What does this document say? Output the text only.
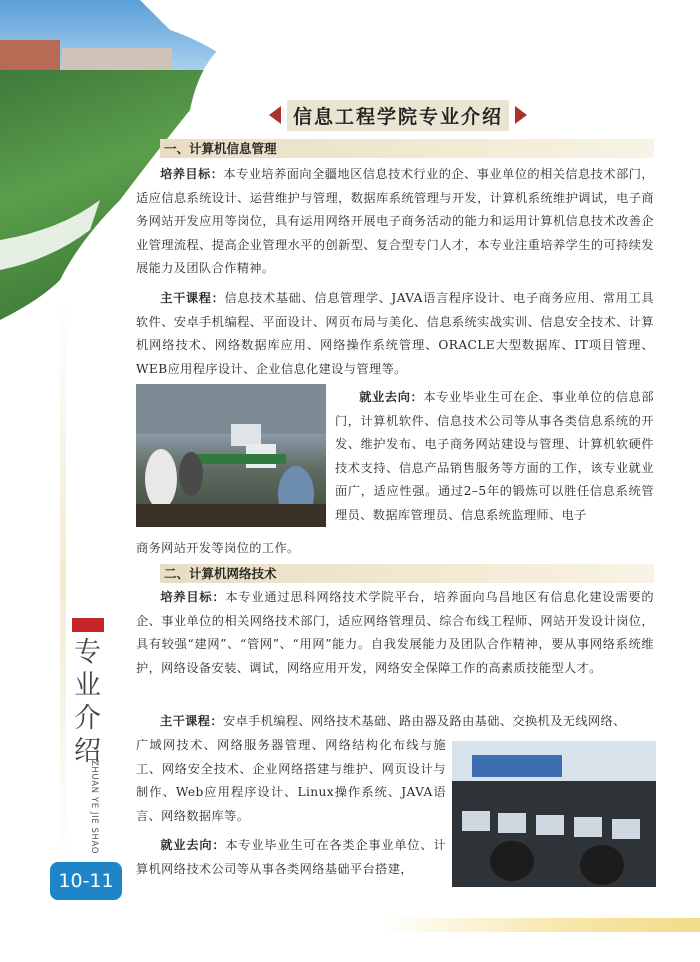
信息工程学院专业介绍
一、计算机信息管理
培养目标：本专业培养面向全疆地区信息技术行业的企、事业单位的相关信息技术部门，适应信息系统设计、运营维护与管理，数据库系统管理与开发，计算机系统维护调试，电子商务网站开发应用等岗位，具有运用网络开展电子商务活动的能力和运用计算机信息技术改善企业管理流程、提高企业管理水平的创新型、复合型专门人才，本专业注重培养学生的可持续发展能力及团队合作精神。
主干课程：信息技术基础、信息管理学、JAVA语言程序设计、电子商务应用、常用工具软件、安卓手机编程、平面设计、网页布局与美化、信息系统实战实训、信息安全技术、计算机网络技术、网络数据库应用、网络操作系统管理、ORACLE大型数据库、IT项目管理、WEB应用程序设计、企业信息化建设与管理等。
就业去向：本专业毕业生可在企、事业单位的信息部门，计算机软件、信息技术公司等从事各类信息系统的开发、维护发布、电子商务网站建设与管理、计算机软硬件技术支持、信息产品销售服务等方面的工作，该专业就业面广，适应性强。通过2–5年的锻炼可以胜任信息系统管理员、数据库管理员、信息系统监理师、电子
商务网站开发等岗位的工作。
二、计算机网络技术
培养目标：本专业通过思科网络技术学院平台，培养面向乌昌地区有信息化建设需要的企、事业单位的相关网络技术部门，适应网络管理员、综合布线工程师、网站开发设计岗位，具有较强“建网”、“管网”、“用网”能力。自我发展能力及团队合作精神，要从事网络系统维护，网络设备安装、调试，网络应用开发，网络安全保障工作的高素质技能型人才。
主干课程：安卓手机编程、网络技术基础、路由器及路由基础、交换机及无线网络、
广域网技术、网络服务器管理、网络结构化布线与施工、网络安全技术、企业网络搭建与维护、网页设计与制作、Web应用程序设计、Linux操作系统、JAVA语言、网络数据库等。
就业去向：本专业毕业生可在各类企事业单位、计算机网络技术公司等从事各类网络基础平台搭建，
专业介绍
ZHUAN YE JIE SHAO
10-11
